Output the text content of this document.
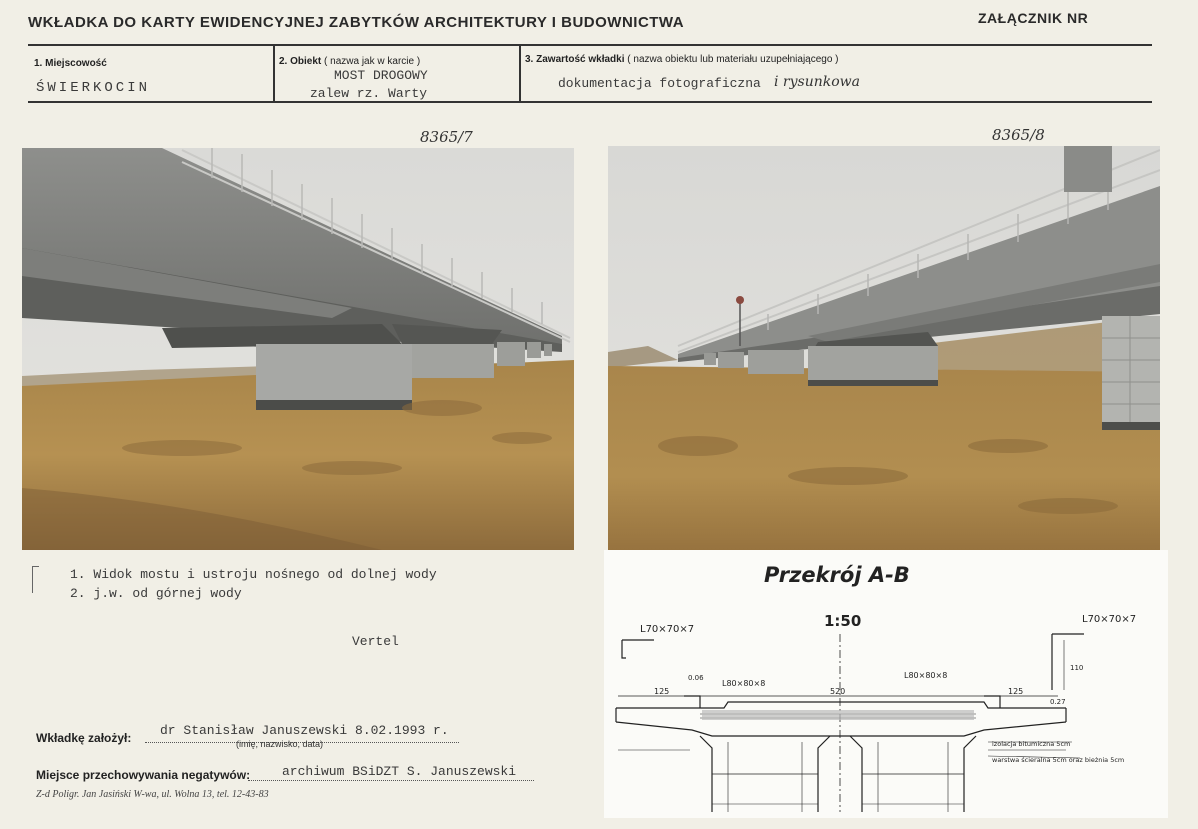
WKŁADKA DO KARTY EWIDENCYJNEJ ZABYTKÓW ARCHITEKTURY I BUDOWNICTWA	ZAŁĄCZNIK NR
1. Miejscowość
ŚWIERKOCIN
2. Obiekt ( nazwa jak w karcie )
MOST DROGOWY
zalew rz. Warty
3. Zawartość wkładki ( nazwa obiektu lub materiału uzupełniającego )
dokumentacja fotograficzna i rysunkowa
8365/7	8365/8
1. Widok mostu i ustroju nośnego od dolnej wody
2. j.w. od górnej wody
Vertel
Przekrój A-B
1:50
L70×70×7
L70×70×7
L80×80×8
L80×80×8
520
125	125
0.06
110
0.27
izolacja bitumiczna 5cm
warstwa ścieralna 5cm oraz bieżnia 5cm
Wkładkę założył: dr Stanisław Januszewski 8.02.1993 r.
(imię, nazwisko, data)
Miejsce przechowywania negatywów: archiwum BSiDZT S. Januszewski
Z-d Poligr. Jan Jasiński W-wa, ul. Wolna 13, tel. 12-43-83
